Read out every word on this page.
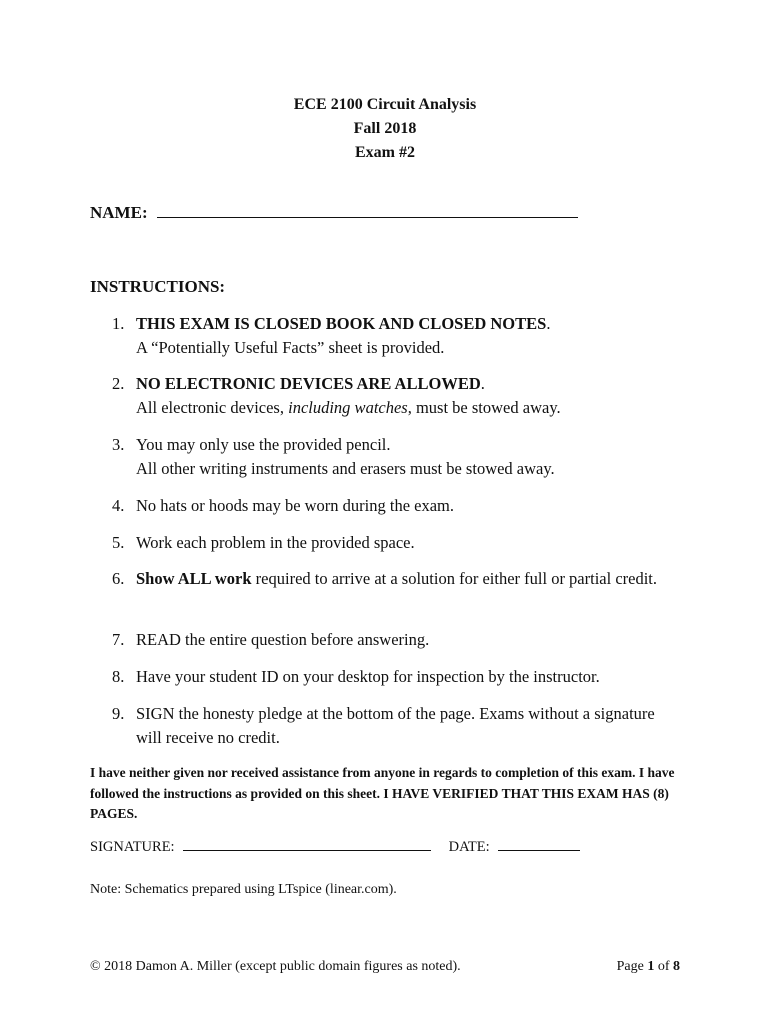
ECE 2100 Circuit Analysis
Fall 2018
Exam #2
NAME:
INSTRUCTIONS:
1. THIS EXAM IS CLOSED BOOK AND CLOSED NOTES.
A “Potentially Useful Facts” sheet is provided.
2. NO ELECTRONIC DEVICES ARE ALLOWED.
All electronic devices, including watches, must be stowed away.
3. You may only use the provided pencil.
All other writing instruments and erasers must be stowed away.
4. No hats or hoods may be worn during the exam.
5. Work each problem in the provided space.
6. Show ALL work required to arrive at a solution for either full or partial credit.
7. READ the entire question before answering.
8. Have your student ID on your desktop for inspection by the instructor.
9. SIGN the honesty pledge at the bottom of the page. Exams without a signature will receive no credit.
I have neither given nor received assistance from anyone in regards to completion of this exam. I have followed the instructions as provided on this sheet. I HAVE VERIFIED THAT THIS EXAM HAS (8) PAGES.
SIGNATURE:	DATE:
Note: Schematics prepared using LTspice (linear.com).
© 2018 Damon A. Miller (except public domain figures as noted).	Page 1 of 8
